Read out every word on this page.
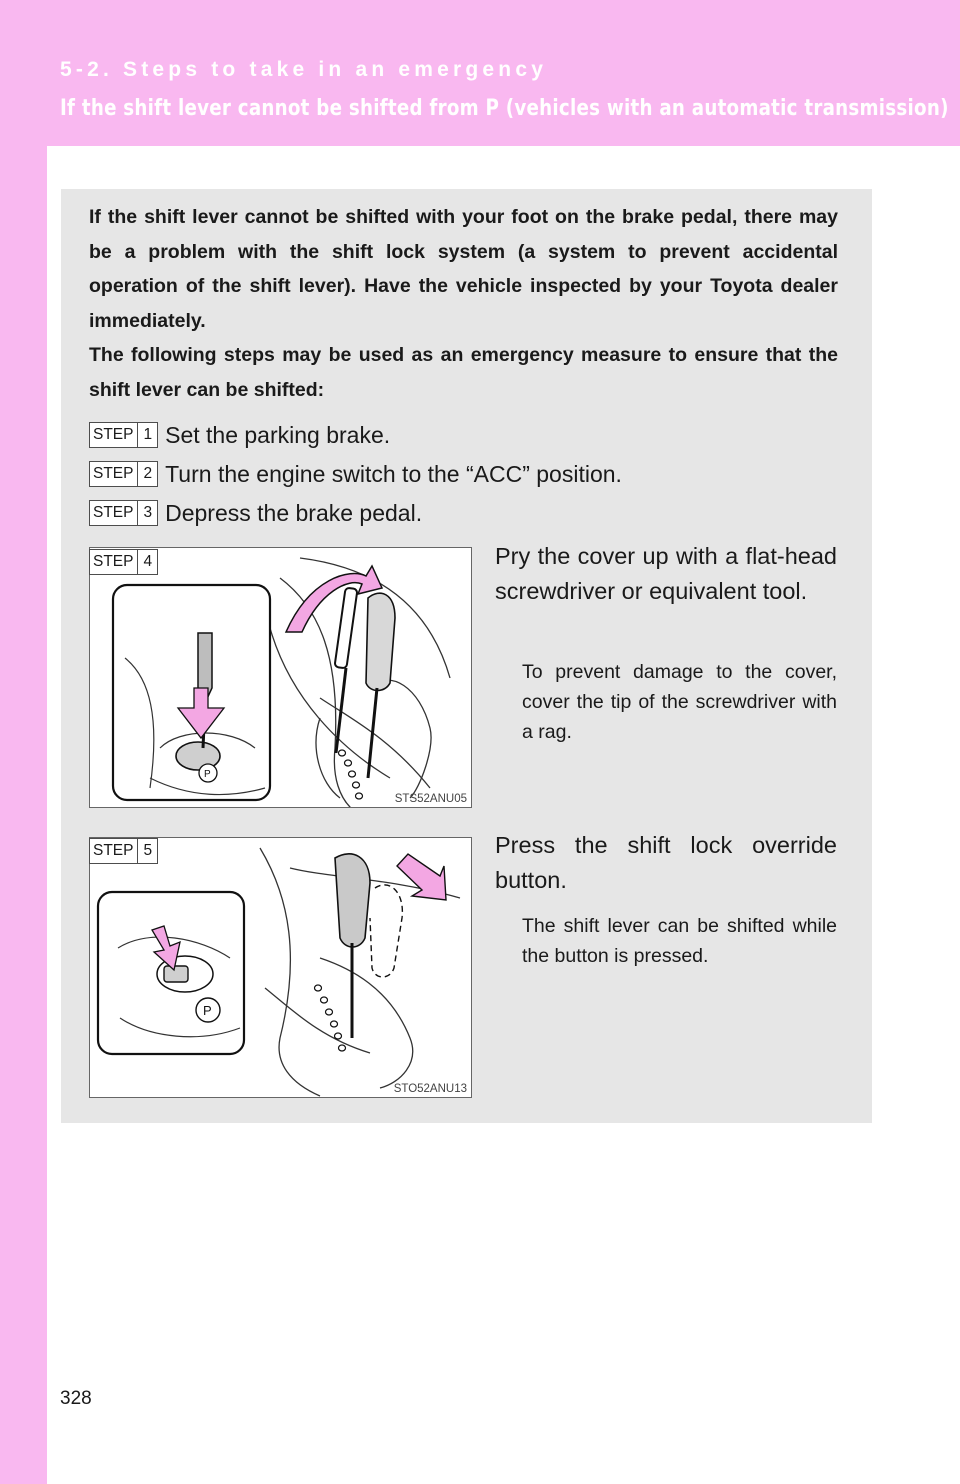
5-2. Steps to take in an emergency
If the shift lever cannot be shifted from P (vehicles with an automatic transmission)

If the shift lever cannot be shifted with your foot on the brake pedal, there may be a problem with the shift lock system (a system to prevent accidental operation of the shift lever). Have the vehicle inspected by your Toyota dealer immediately.

The following steps may be used as an emergency measure to ensure that the shift lever can be shifted:

STEP 1 Set the parking brake.
STEP 2 Turn the engine switch to the “ACC” position.
STEP 3 Depress the brake pedal.
P
STS52ANU05
STEP 4	Pry the cover up with a flat-head screwdriver or equivalent tool.

To prevent damage to the cover, cover the tip of the screwdriver with a rag.

P
STO52ANU13
STEP 5	Press the shift lock override button.

The shift lever can be shifted while the button is pressed.

328
